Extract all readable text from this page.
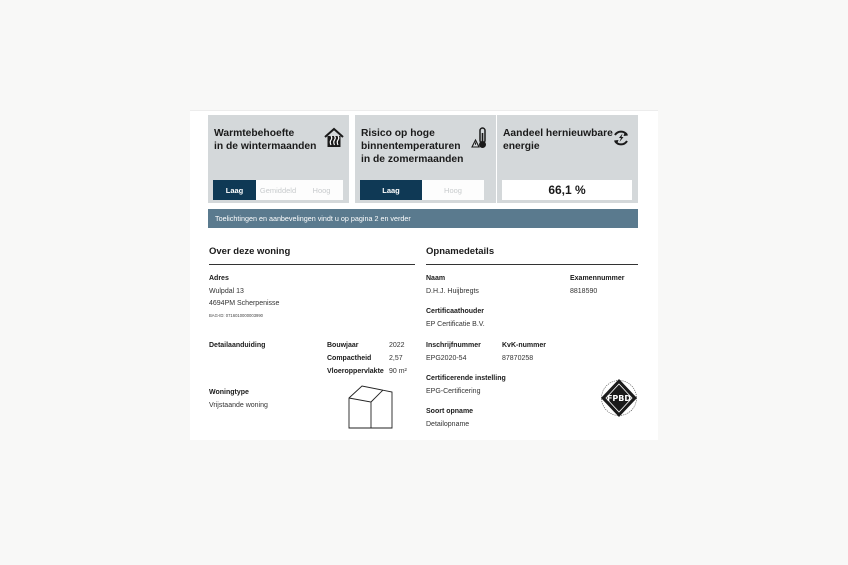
Warmtebehoefte
in de wintermaanden
Laag	Gemiddeld	Hoog
Risico op hoge
binnentemperaturen
in de zomermaanden
Laag	Hoog
Aandeel hernieuwbare
energie
66,1 %
Toelichtingen en aanbevelingen vindt u op pagina 2 en verder
Over deze woning
Adres
Wulpdal 13
4694PM Scherpenisse
BAG-ID: 0716010000003990
Detailaanduiding	Bouwjaar	2022
Compactheid	2,57
Vloeroppervlakte 90 m²
Woningtype
Vrijstaande woning
Opnamedetails
Naam
D.H.J. Huijbregts
Examennummer
8818590
Certificaathouder
EP Certificatie B.V.
Inschrijfnummer
EPG2020-54
KvK-nummer
87870258
Certificerende instelling
EPG-Certificering
Soort opname
Detailopname
FPBD
